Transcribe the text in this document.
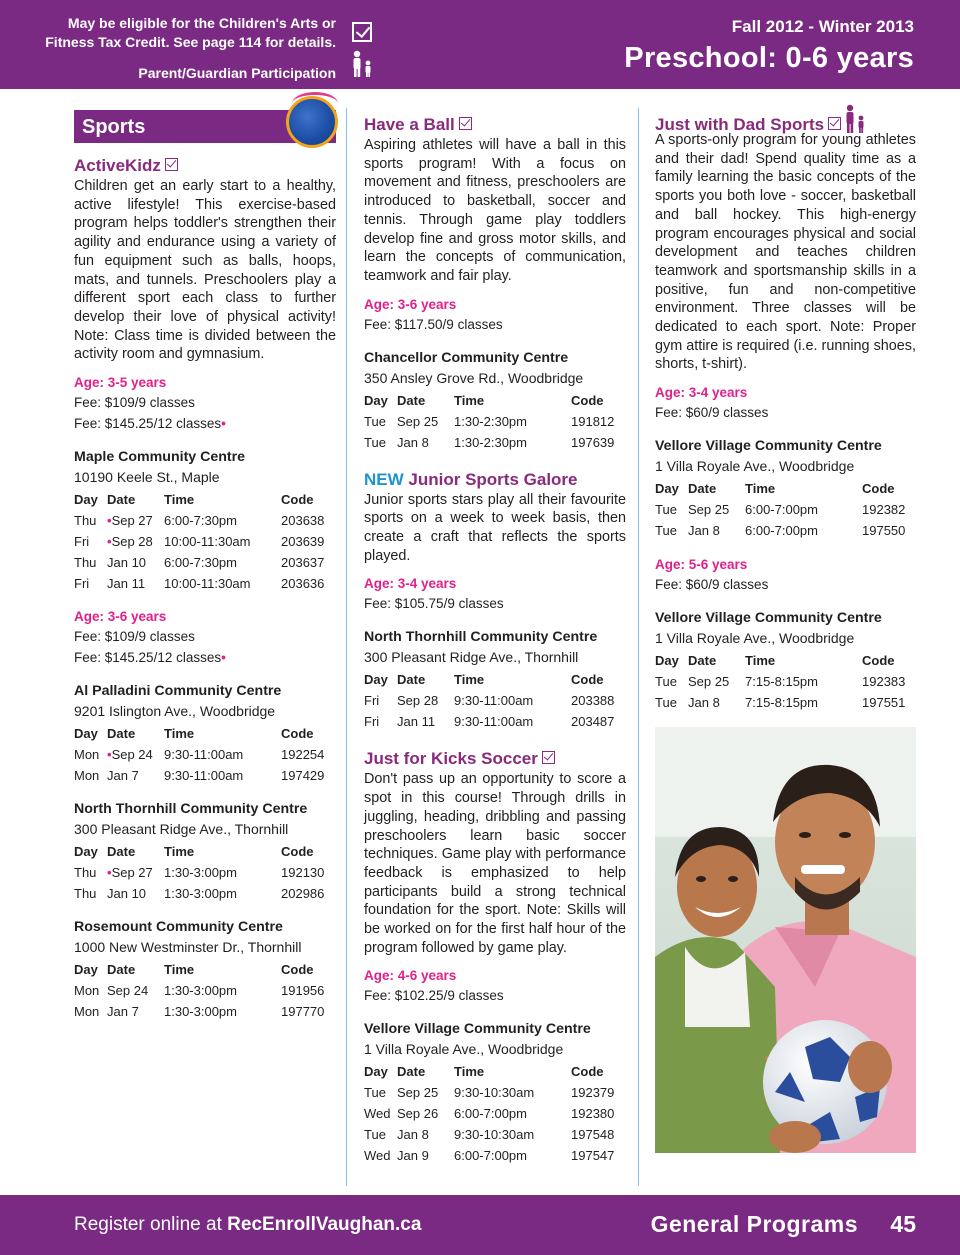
May be eligible for the Children's Arts or
Fitness Tax Credit. See page 114 for details.
Parent/Guardian Participation
Fall 2012 - Winter 2013
Preschool: 0-6 years
Sports
ActiveKidz
Children get an early start to a healthy, active lifestyle! This exercise-based program helps toddler's strengthen their agility and endurance using a variety of fun equipment such as balls, hoops, mats, and tunnels. Preschoolers play a different sport each class to further develop their love of physical activity! Note: Class time is divided between the activity room and gymnasium.
Age: 3-5 years
Fee: $109/9 classes
Fee: $145.25/12 classes•
Maple Community Centre
10190 Keele St., Maple
Day	Date	Time	Code
Thu	•Sep 27	6:00-7:30pm	203638
Fri	•Sep 28	10:00-11:30am	203639
Thu	Jan 10	6:00-7:30pm	203637
Fri	Jan 11	10:00-11:30am	203636
Age: 3-6 years
Fee: $109/9 classes
Fee: $145.25/12 classes•
Al Palladini Community Centre
9201 Islington Ave., Woodbridge
Day	Date	Time	Code
Mon	•Sep 24	9:30-11:00am	192254
Mon	Jan 7	9:30-11:00am	197429
North Thornhill Community Centre
300 Pleasant Ridge Ave., Thornhill
Day	Date	Time	Code
Thu	•Sep 27	1:30-3:00pm	192130
Thu	Jan 10	1:30-3:00pm	202986
Rosemount Community Centre
1000 New Westminster Dr., Thornhill
Day	Date	Time	Code
Mon	Sep 24	1:30-3:00pm	191956
Mon	Jan 7	1:30-3:00pm	197770
Have a Ball
Aspiring athletes will have a ball in this sports program! With a focus on movement and fitness, preschoolers are introduced to basketball, soccer and tennis. Through game play toddlers develop fine and gross motor skills, and learn the concepts of communication, teamwork and fair play.
Age: 3-6 years
Fee: $117.50/9 classes
Chancellor Community Centre
350 Ansley Grove Rd., Woodbridge
Day	Date	Time	Code
Tue	Sep 25	1:30-2:30pm	191812
Tue	Jan 8	1:30-2:30pm	197639
NEW Junior Sports Galore
Junior sports stars play all their favourite sports on a week to week basis, then create a craft that reflects the sports played.
Age: 3-4 years
Fee: $105.75/9 classes
North Thornhill Community Centre
300 Pleasant Ridge Ave., Thornhill
Day	Date	Time	Code
Fri	Sep 28	9:30-11:00am	203388
Fri	Jan 11	9:30-11:00am	203487
Just for Kicks Soccer
Don't pass up an opportunity to score a spot in this course! Through drills in juggling, heading, dribbling and passing preschoolers learn basic soccer techniques. Game play with performance feedback is emphasized to help participants build a strong technical foundation for the sport. Note: Skills will be worked on for the first half hour of the program followed by game play.
Age: 4-6 years
Fee: $102.25/9 classes
Vellore Village Community Centre
1 Villa Royale Ave., Woodbridge
Day	Date	Time	Code
Tue	Sep 25	9:30-10:30am	192379
Wed	Sep 26	6:00-7:00pm	192380
Tue	Jan 8	9:30-10:30am	197548
Wed	Jan 9	6:00-7:00pm	197547
Just with Dad Sports
A sports-only program for young athletes and their dad! Spend quality time as a family learning the basic concepts of the sports you both love - soccer, basketball and ball hockey. This high-energy program encourages physical and social development and teaches children teamwork and sportsmanship skills in a positive, fun and non-competitive environment. Three classes will be dedicated to each sport. Note: Proper gym attire is required (i.e. running shoes, shorts, t-shirt).
Age: 3-4 years
Fee: $60/9 classes
Vellore Village Community Centre
1 Villa Royale Ave., Woodbridge
Day	Date	Time	Code
Tue	Sep 25	6:00-7:00pm	192382
Tue	Jan 8	6:00-7:00pm	197550
Age: 5-6 years
Fee: $60/9 classes
Vellore Village Community Centre
1 Villa Royale Ave., Woodbridge
Day	Date	Time	Code
Tue	Sep 25	7:15-8:15pm	192383
Tue	Jan 8	7:15-8:15pm	197551
Register online at RecEnrollVaughan.ca	General Programs 45
